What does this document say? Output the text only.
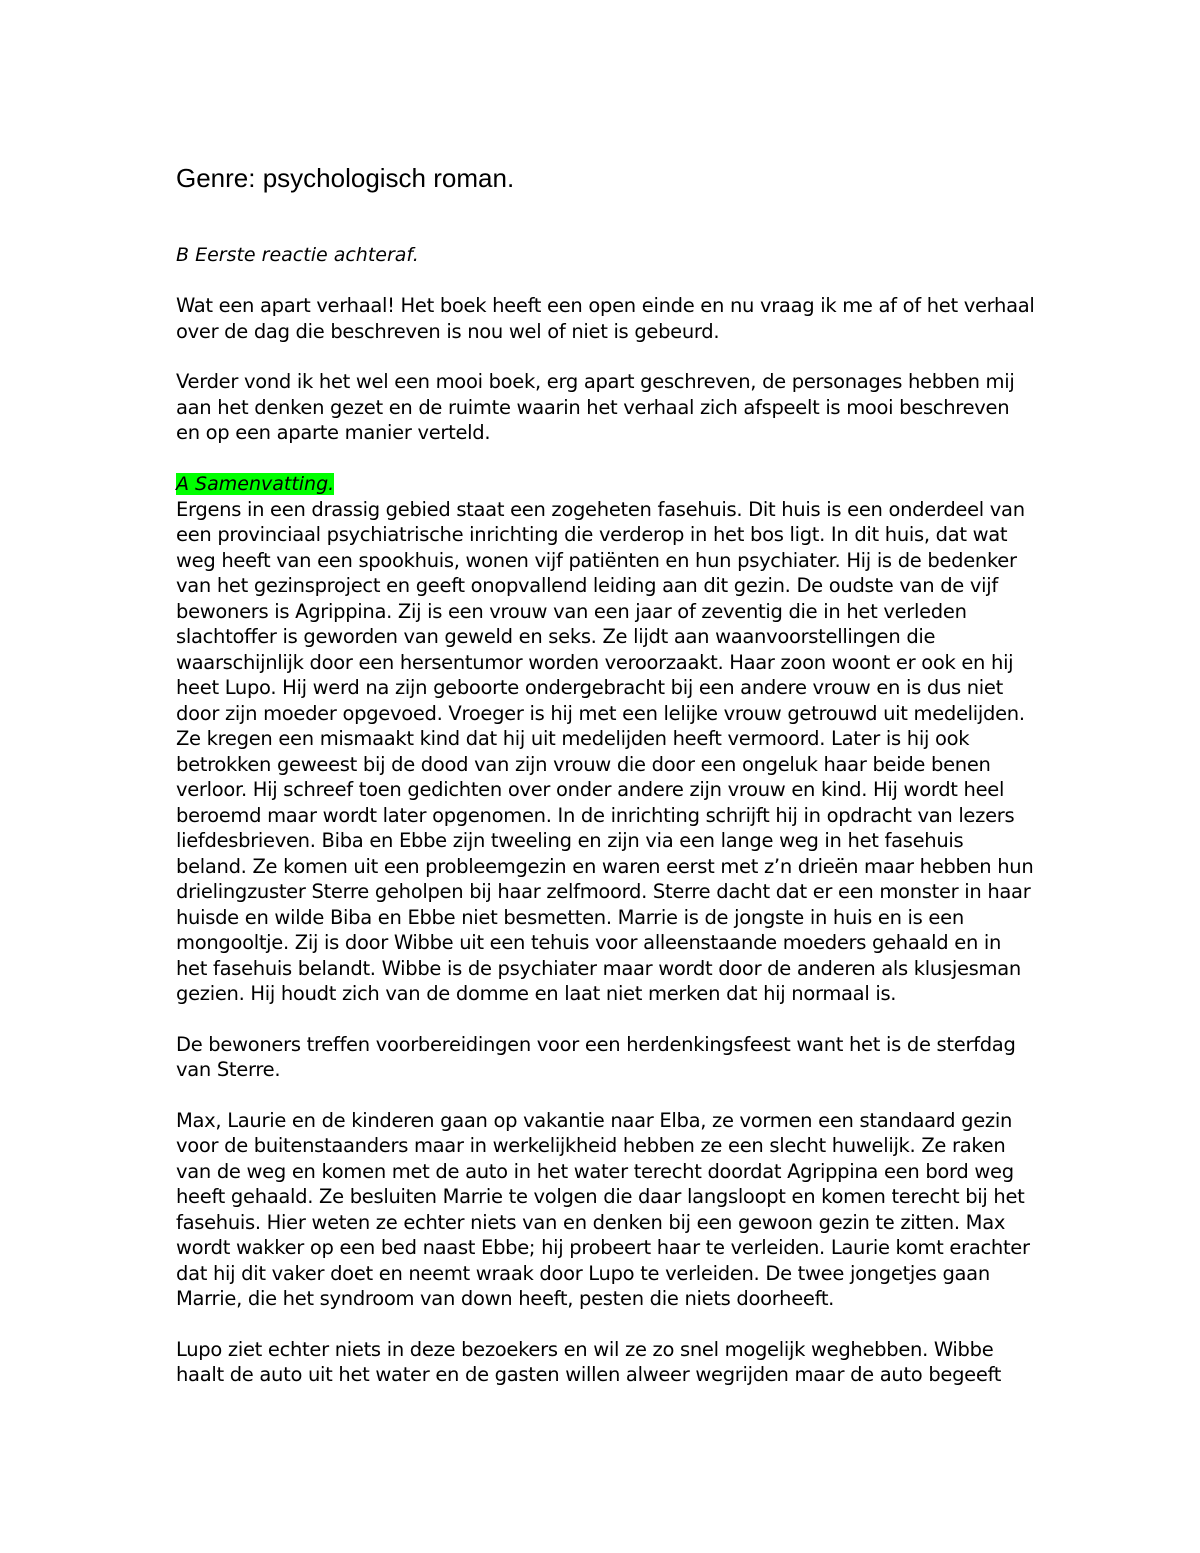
Genre: psychologisch roman.

B Eerste reactie achteraf.

Wat een apart verhaal! Het boek heeft een open einde en nu vraag ik me af of het verhaal over de dag die beschreven is nou wel of niet is gebeurd.

Verder vond ik het wel een mooi boek, erg apart geschreven, de personages hebben mij aan het denken gezet en de ruimte waarin het verhaal zich afspeelt is mooi beschreven en op een aparte manier verteld.

A Samenvatting.

Ergens in een drassig gebied staat een zogeheten fasehuis. Dit huis is een onderdeel van een provinciaal psychiatrische inrichting die verderop in het bos ligt. In dit huis, dat wat weg heeft van een spookhuis, wonen vijf patiënten en hun psychiater. Hij is de bedenker van het gezinsproject en geeft onopvallend leiding aan dit gezin. De oudste van de vijf bewoners is Agrippina. Zij is een vrouw van een jaar of zeventig die in het verleden slachtoffer is geworden van geweld en seks. Ze lijdt aan waanvoorstellingen die waarschijnlijk door een hersentumor worden veroorzaakt. Haar zoon woont er ook en hij heet Lupo. Hij werd na zijn geboorte ondergebracht bij een andere vrouw en is dus niet door zijn moeder opgevoed. Vroeger is hij met een lelijke vrouw getrouwd uit medelijden. Ze kregen een mismaakt kind dat hij uit medelijden heeft vermoord. Later is hij ook betrokken geweest bij de dood van zijn vrouw die door een ongeluk haar beide benen verloor. Hij schreef toen gedichten over onder andere zijn vrouw en kind. Hij wordt heel beroemd maar wordt later opgenomen. In de inrichting schrijft hij in opdracht van lezers liefdesbrieven. Biba en Ebbe zijn tweeling en zijn via een lange weg in het fasehuis beland. Ze komen uit een probleemgezin en waren eerst met z’n drieën maar hebben hun drielingzuster Sterre geholpen bij haar zelfmoord. Sterre dacht dat er een monster in haar huisde en wilde Biba en Ebbe niet besmetten. Marrie is de jongste in huis en is een mongooltje. Zij is door Wibbe uit een tehuis voor alleenstaande moeders gehaald en in het fasehuis belandt. Wibbe is de psychiater maar wordt door de anderen als klusjesman gezien. Hij houdt zich van de domme en laat niet merken dat hij normaal is.

De bewoners treffen voorbereidingen voor een herdenkingsfeest want het is de sterfdag van Sterre.

Max, Laurie en de kinderen gaan op vakantie naar Elba, ze vormen een standaard gezin voor de buitenstaanders maar in werkelijkheid hebben ze een slecht huwelijk. Ze raken van de weg en komen met de auto in het water terecht doordat Agrippina een bord weg heeft gehaald. Ze besluiten Marrie te volgen die daar langsloopt en komen terecht bij het fasehuis. Hier weten ze echter niets van en denken bij een gewoon gezin te zitten. Max wordt wakker op een bed naast Ebbe; hij probeert haar te verleiden. Laurie komt erachter dat hij dit vaker doet en neemt wraak door Lupo te verleiden. De twee jongetjes gaan Marrie, die het syndroom van down heeft, pesten die niets doorheeft.

Lupo ziet echter niets in deze bezoekers en wil ze zo snel mogelijk weghebben. Wibbe haalt de auto uit het water en de gasten willen alweer wegrijden maar de auto begeeft
